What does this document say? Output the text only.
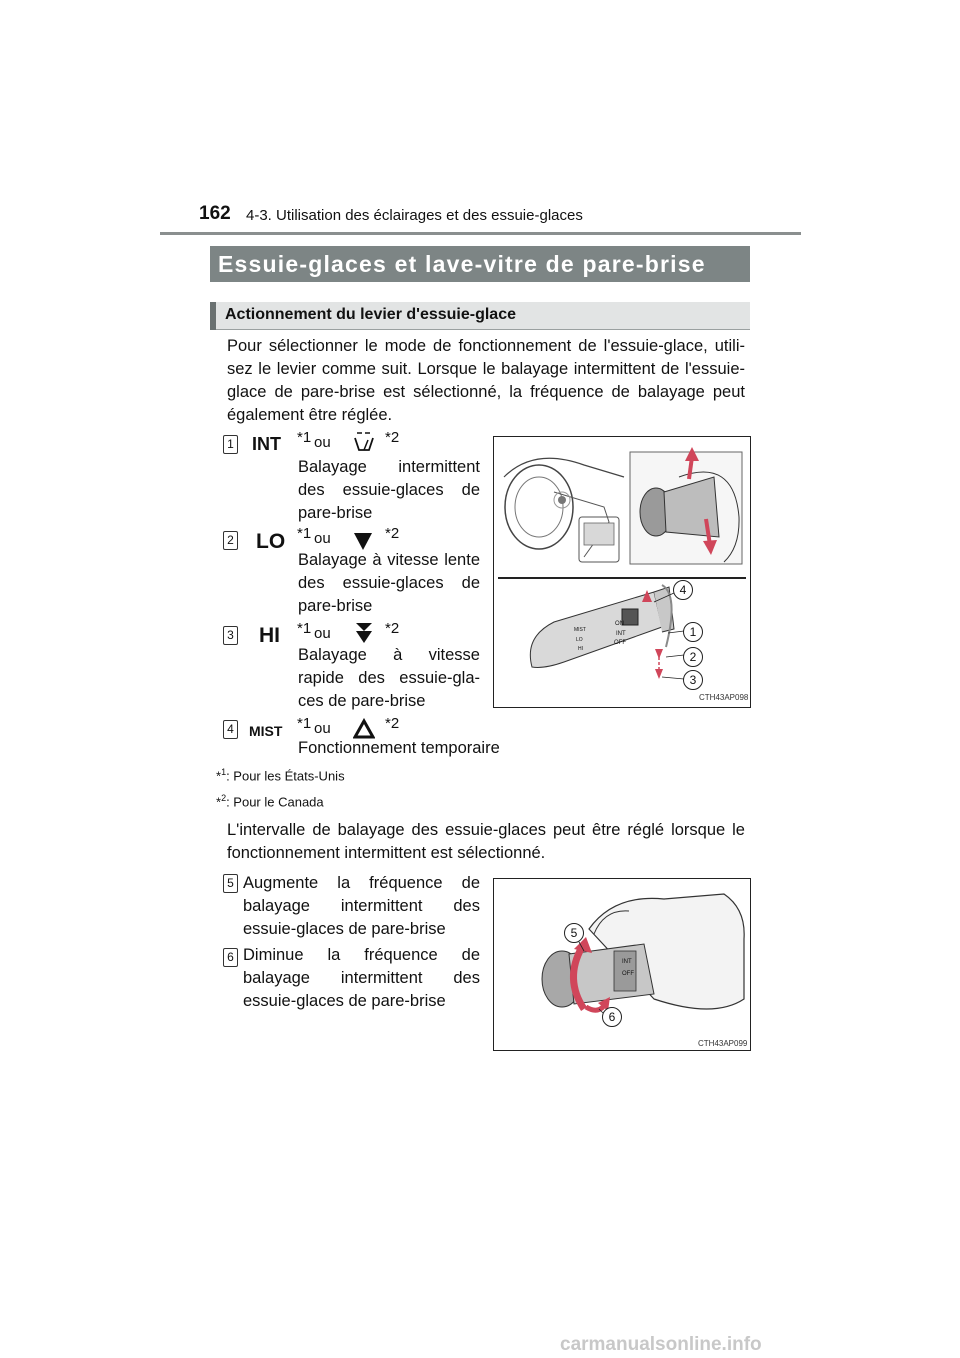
162 4-3. Utilisation des éclairages et des essuie-glaces
Essuie-glaces et lave-vitre de pare-brise
Actionnement du levier d'essuie-glace
Pour sélectionner le mode de fonctionnement de l'essuie-glace, utili-
sez le levier comme suit. Lorsque le balayage intermittent de l'essuie-
glace de pare-brise est sélectionné, la fréquence de balayage peut
également être réglée.
1 INT *1 ou	*2
Balayage intermittent
des essuie-glaces de
pare-brise
2 LO *1 ou	*2
Balayage à vitesse lente
des essuie-glaces de
pare-brise
3 HI *1 ou	*2
Balayage à vitesse
rapide des essuie-gla-
ces de pare-brise
4 MIST *1 ou	*2
Fonctionnement temporaire
*$^1$: Pour les États-Unis
*$^2$: Pour le Canada
L'intervalle de balayage des essuie-glaces peut être réglé lorsque le
fonctionnement intermittent est sélectionné.
5 Augmente la fréquence de
balayage intermittent des
essuie-glaces de pare-brise
6 Diminue la fréquence de
balayage intermittent des
essuie-glaces de pare-brise
ON
INT
OFF
MIST
LO
HI
4
1
2
3
CTH43AP098
INT
OFF
5
6
CTH43AP099
carmanualsonline.info
